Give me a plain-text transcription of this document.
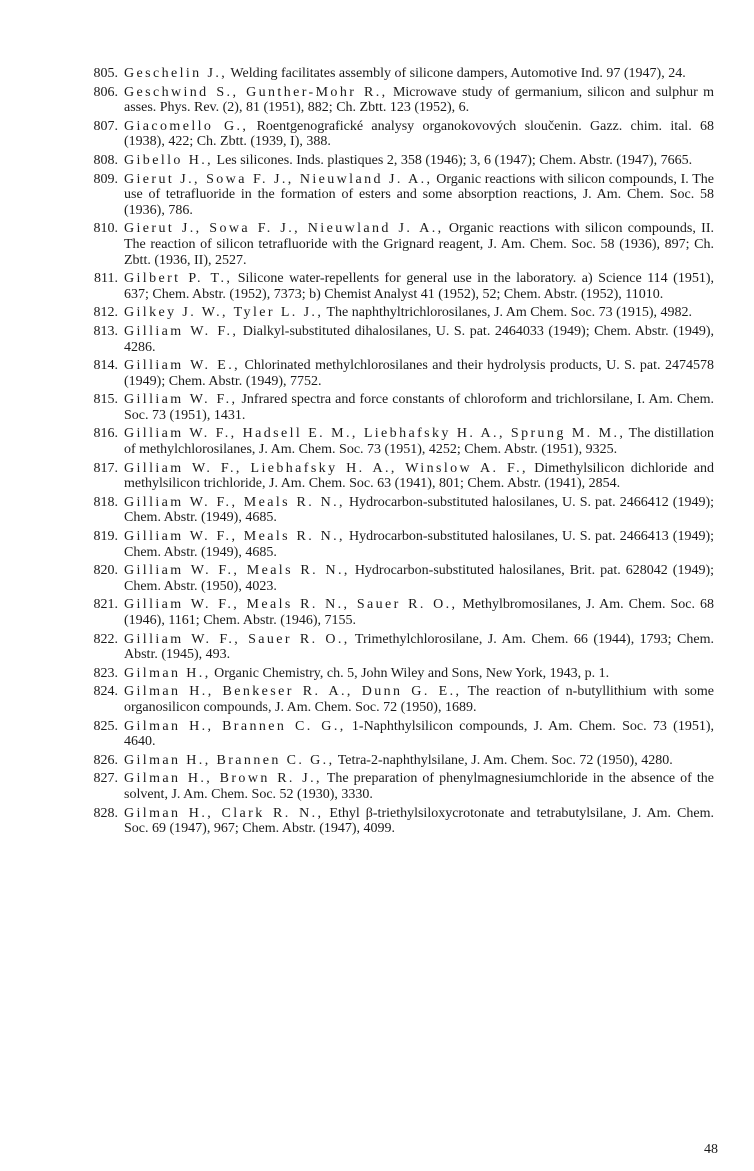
805. Geschelin J., Welding facilitates assembly of silicone dampers, Automotive Ind. 97 (1947), 24.
806. Geschwind S., Gunther-Mohr R., Microwave study of germanium, silicon and sulphur m asses. Phys. Rev. (2), 81 (1951), 882; Ch. Zbtt. 123 (1952), 6.
807. Giacomello G., Roentgenografické analysy organokovových sloučenin. Gazz. chim. ital. 68 (1938), 422; Ch. Zbtt. (1939, I), 388.
808. Gibello H., Les silicones. Inds. plastiques 2, 358 (1946); 3, 6 (1947); Chem. Abstr. (1947), 7665.
809. Gierut J., Sowa F. J., Nieuwland J. A., Organic reactions with silicon compounds, I. The use of tetrafluoride in the formation of esters and some absorption reactions, J. Am. Chem. Soc. 58 (1936), 786.
810. Gierut J., Sowa F. J., Nieuwland J. A., Organic reactions with silicon compounds, II. The reaction of silicon tetrafluoride with the Grignard reagent, J. Am. Chem. Soc. 58 (1936), 897; Ch. Zbtt. (1936, II), 2527.
811. Gilbert P. T., Silicone water-repellents for general use in the laboratory. a) Science 114 (1951), 637; Chem. Abstr. (1952), 7373; b) Chemist Analyst 41 (1952), 52; Chem. Abstr. (1952), 11010.
812. Gilkey J. W., Tyler L. J., The naphthyltrichlorosilanes, J. Am Chem. Soc. 73 (1915), 4982.
813. Gilliam W. F., Dialkyl-substituted dihalosilanes, U. S. pat. 2464033 (1949); Chem. Abstr. (1949), 4286.
814. Gilliam W. E., Chlorinated methylchlorosilanes and their hydrolysis products, U. S. pat. 2474578 (1949); Chem. Abstr. (1949), 7752.
815. Gilliam W. F., Jnfrared spectra and force constants of chloroform and trichlorsilane, I. Am. Chem. Soc. 73 (1951), 1431.
816. Gilliam W. F., Hadsell E. M., Liebhafsky H. A., Sprung M. M., The distillation of methylchlorosilanes, J. Am. Chem. Soc. 73 (1951), 4252; Chem. Abstr. (1951), 9325.
817. Gilliam W. F., Liebhafsky H. A., Winslow A. F., Dimethylsilicon dichloride and methylsilicon trichloride, J. Am. Chem. Soc. 63 (1941), 801; Chem. Abstr. (1941), 2854.
818. Gilliam W. F., Meals R. N., Hydrocarbon-substituted halosilanes, U. S. pat. 2466412 (1949); Chem. Abstr. (1949), 4685.
819. Gilliam W. F., Meals R. N., Hydrocarbon-substituted halosilanes, U. S. pat. 2466413 (1949); Chem. Abstr. (1949), 4685.
820. Gilliam W. F., Meals R. N., Hydrocarbon-substituted halosilanes, Brit. pat. 628042 (1949); Chem. Abstr. (1950), 4023.
821. Gilliam W. F., Meals R. N., Sauer R. O., Methylbromosilanes, J. Am. Chem. Soc. 68 (1946), 1161; Chem. Abstr. (1946), 7155.
822. Gilliam W. F., Sauer R. O., Trimethylchlorosilane, J. Am. Chem. 66 (1944), 1793; Chem. Abstr. (1945), 493.
823. Gilman H., Organic Chemistry, ch. 5, John Wiley and Sons, New York, 1943, p. 1.
824. Gilman H., Benkeser R. A., Dunn G. E., The reaction of n-butyllithium with some organosilicon compounds, J. Am. Chem. Soc. 72 (1950), 1689.
825. Gilman H., Brannen C. G., 1-Naphthylsilicon compounds, J. Am. Chem. Soc. 73 (1951), 4640.
826. Gilman H., Brannen C. G., Tetra-2-naphthylsilane, J. Am. Chem. Soc. 72 (1950), 4280.
827. Gilman H., Brown R. J., The preparation of phenylmagnesiumchloride in the absence of the solvent, J. Am. Chem. Soc. 52 (1930), 3330.
828. Gilman H., Clark R. N., Ethyl β-triethylsiloxycrotonate and tetrabutylsilane, J. Am. Chem. Soc. 69 (1947), 967; Chem. Abstr. (1947), 4099.
48
